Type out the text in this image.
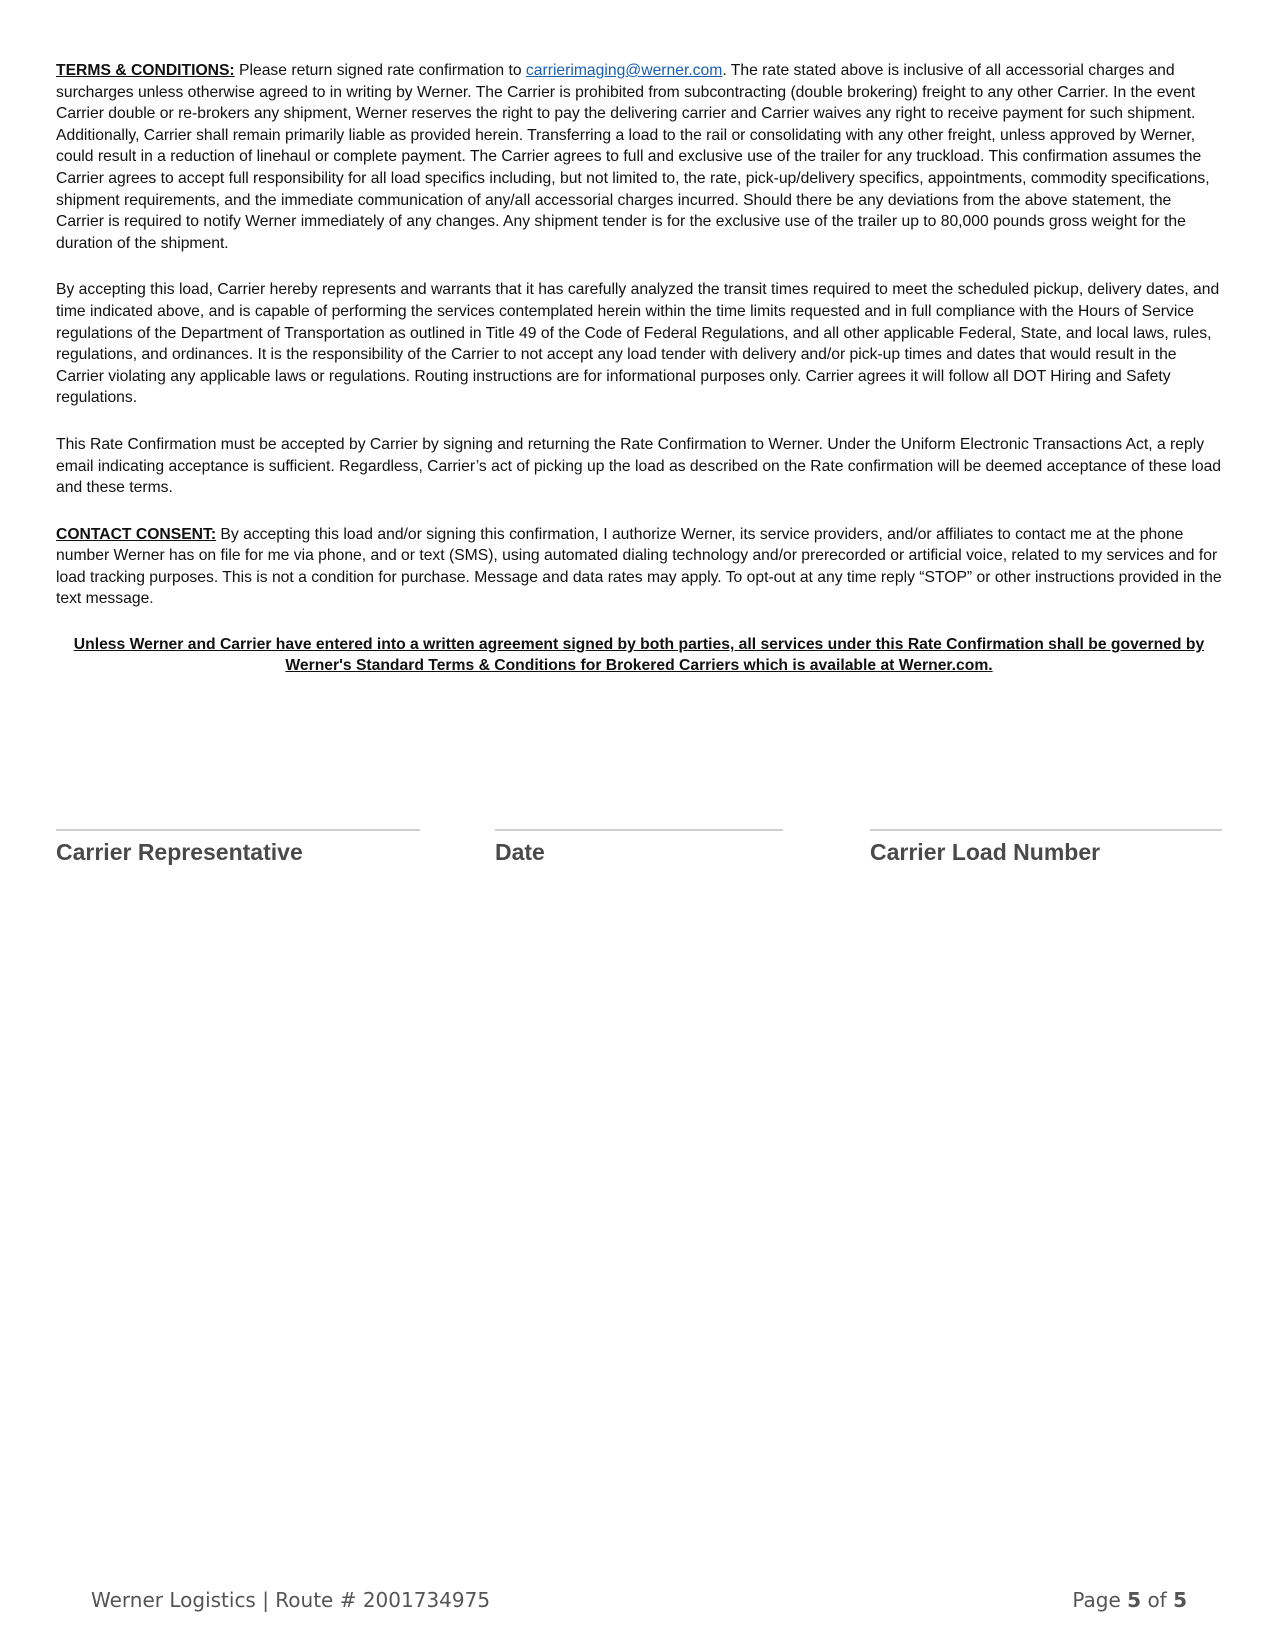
TERMS & CONDITIONS: Please return signed rate confirmation to carrierimaging@werner.com. The rate stated above is inclusive of all accessorial charges and surcharges unless otherwise agreed to in writing by Werner. The Carrier is prohibited from subcontracting (double brokering) freight to any other Carrier. In the event Carrier double or re-brokers any shipment, Werner reserves the right to pay the delivering carrier and Carrier waives any right to receive payment for such shipment. Additionally, Carrier shall remain primarily liable as provided herein. Transferring a load to the rail or consolidating with any other freight, unless approved by Werner, could result in a reduction of linehaul or complete payment. The Carrier agrees to full and exclusive use of the trailer for any truckload. This confirmation assumes the Carrier agrees to accept full responsibility for all load specifics including, but not limited to, the rate, pick-up/delivery specifics, appointments, commodity specifications, shipment requirements, and the immediate communication of any/all accessorial charges incurred. Should there be any deviations from the above statement, the Carrier is required to notify Werner immediately of any changes. Any shipment tender is for the exclusive use of the trailer up to 80,000 pounds gross weight for the duration of the shipment.

By accepting this load, Carrier hereby represents and warrants that it has carefully analyzed the transit times required to meet the scheduled pickup, delivery dates, and time indicated above, and is capable of performing the services contemplated herein within the time limits requested and in full compliance with the Hours of Service regulations of the Department of Transportation as outlined in Title 49 of the Code of Federal Regulations, and all other applicable Federal, State, and local laws, rules, regulations, and ordinances. It is the responsibility of the Carrier to not accept any load tender with delivery and/or pick-up times and dates that would result in the Carrier violating any applicable laws or regulations. Routing instructions are for informational purposes only. Carrier agrees it will follow all DOT Hiring and Safety regulations.

This Rate Confirmation must be accepted by Carrier by signing and returning the Rate Confirmation to Werner. Under the Uniform Electronic Transactions Act, a reply email indicating acceptance is sufficient. Regardless, Carrier’s act of picking up the load as described on the Rate confirmation will be deemed acceptance of these load and these terms.

CONTACT CONSENT: By accepting this load and/or signing this confirmation, I authorize Werner, its service providers, and/or affiliates to contact me at the phone number Werner has on file for me via phone, and or text (SMS), using automated dialing technology and/or prerecorded or artificial voice, related to my services and for load tracking purposes. This is not a condition for purchase. Message and data rates may apply. To opt-out at any time reply “STOP” or other instructions provided in the text message.

Unless Werner and Carrier have entered into a written agreement signed by both parties, all services under this Rate Confirmation shall be governed by Werner's Standard Terms & Conditions for Brokered Carriers which is available at Werner.com.

Carrier Representative	Date	Carrier Load Number
Werner Logistics | Route # 2001734975	Page 5 of 5
